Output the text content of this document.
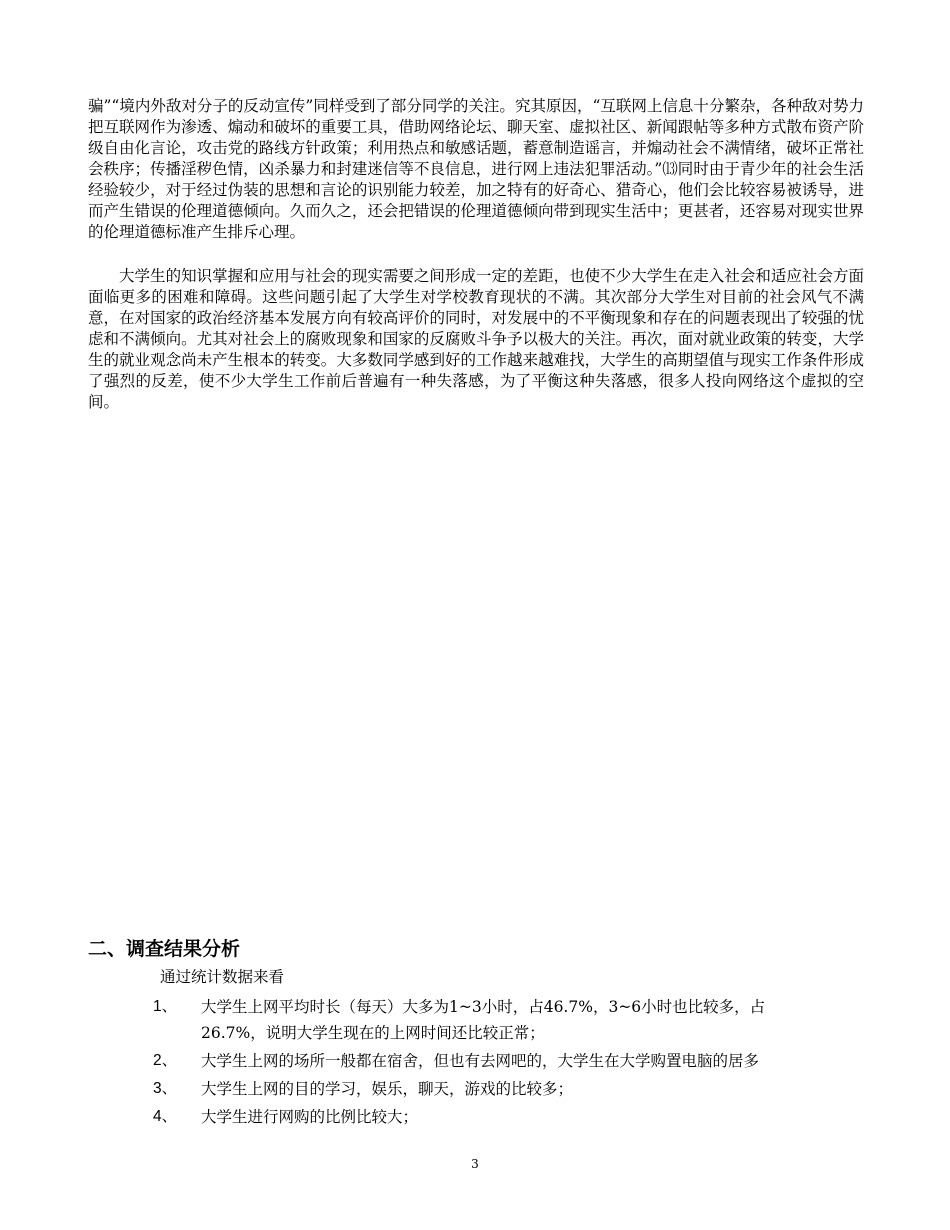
骗”“境内外敌对分子的反动宣传”同样受到了部分同学的关注。究其原因，“互联网上信息十分繁杂，各种敌对势力把互联网作为渗透、煽动和破坏的重要工具，借助网络论坛、聊天室、虚拟社区、新闻跟帖等多种方式散布资产阶级自由化言论，攻击党的路线方针政策；利用热点和敏感话题，蓄意制造谣言，并煽动社会不满情绪，破坏正常社会秩序；传播淫秽色情，凶杀暴力和封建迷信等不良信息，进行网上违法犯罪活动。”⒀同时由于青少年的社会生活经验较少，对于经过伪装的思想和言论的识别能力较差，加之特有的好奇心、猎奇心，他们会比较容易被诱导，进而产生错误的伦理道德倾向。久而久之，还会把错误的伦理道德倾向带到现实生活中；更甚者，还容易对现实世界的伦理道德标准产生排斥心理。

大学生的知识掌握和应用与社会的现实需要之间形成一定的差距，也使不少大学生在走入社会和适应社会方面面临更多的困难和障碍。这些问题引起了大学生对学校教育现状的不满。其次部分大学生对目前的社会风气不满意，在对国家的政治经济基本发展方向有较高评价的同时，对发展中的不平衡现象和存在的问题表现出了较强的忧虑和不满倾向。尤其对社会上的腐败现象和国家的反腐败斗争予以极大的关注。再次，面对就业政策的转变，大学生的就业观念尚未产生根本的转变。大多数同学感到好的工作越来越难找，大学生的高期望值与现实工作条件形成了强烈的反差，使不少大学生工作前后普遍有一种失落感，为了平衡这种失落感，很多人投向网络这个虚拟的空间。

二、调查结果分析

通过统计数据来看

1、	大学生上网平均时长（每天）大多为1~3小时，占46.7%，3~6小时也比较多，占
26.7%，说明大学生现在的上网时间还比较正常；
2、	大学生上网的场所一般都在宿舍，但也有去网吧的，大学生在大学购置电脑的居多
3、	大学生上网的目的学习，娱乐，聊天，游戏的比较多；
4、	大学生进行网购的比例比较大；
3
